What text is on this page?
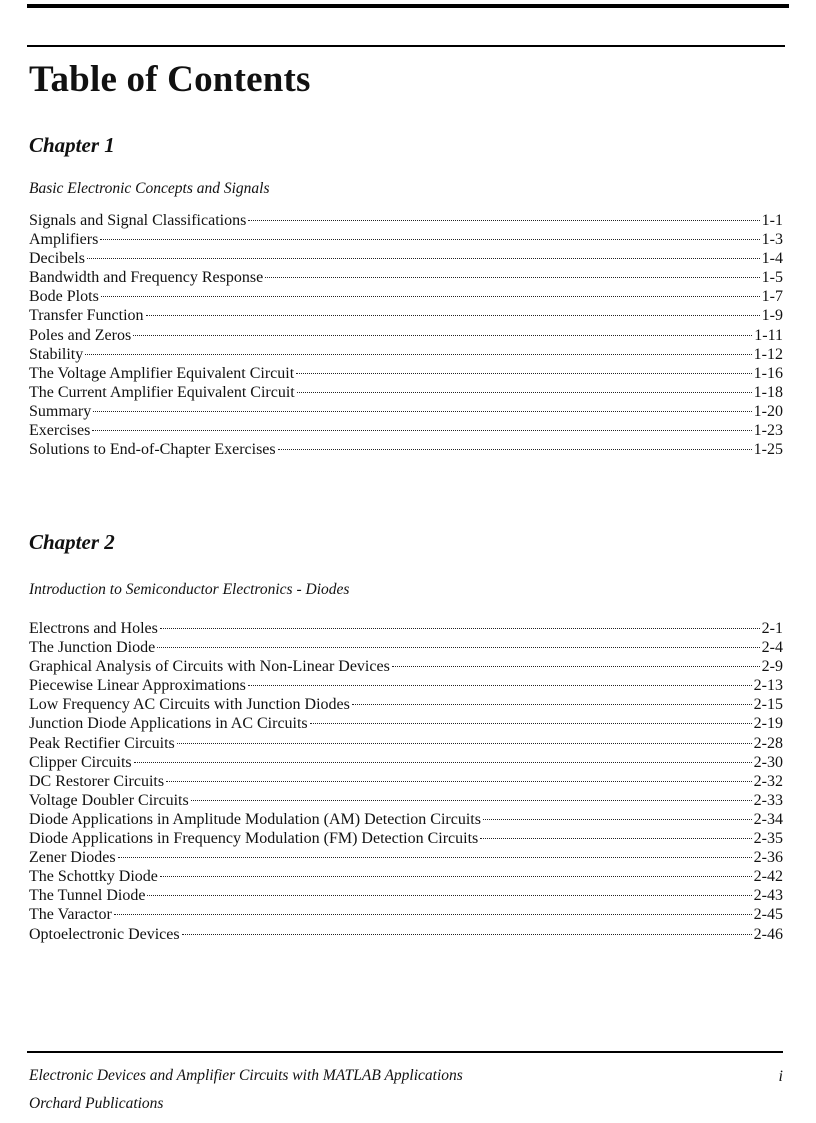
Table of Contents
Chapter 1

Basic Electronic Concepts and Signals

Signals and Signal Classifications	1-1
Amplifiers	1-3
Decibels	1-4
Bandwidth and Frequency Response	1-5
Bode Plots	1-7
Transfer Function	1-9
Poles and Zeros	1-11
Stability	1-12
The Voltage Amplifier Equivalent Circuit	1-16
The Current Amplifier Equivalent Circuit	1-18
Summary	1-20
Exercises	1-23
Solutions to End-of-Chapter Exercises	1-25
Chapter 2

Introduction to Semiconductor Electronics - Diodes

Electrons and Holes	2-1
The Junction Diode	2-4
Graphical Analysis of Circuits with Non-Linear Devices	2-9
Piecewise Linear Approximations	2-13
Low Frequency AC Circuits with Junction Diodes	2-15
Junction Diode Applications in AC Circuits	2-19
Peak Rectifier Circuits	2-28
Clipper Circuits	2-30
DC Restorer Circuits	2-32
Voltage Doubler Circuits	2-33
Diode Applications in Amplitude Modulation (AM) Detection Circuits	2-34
Diode Applications in Frequency Modulation (FM) Detection Circuits	2-35
Zener Diodes	2-36
The Schottky Diode	2-42
The Tunnel Diode	2-43
The Varactor	2-45
Optoelectronic Devices	2-46

Electronic Devices and Amplifier Circuits with MATLAB Applications

Orchard Publications

i
